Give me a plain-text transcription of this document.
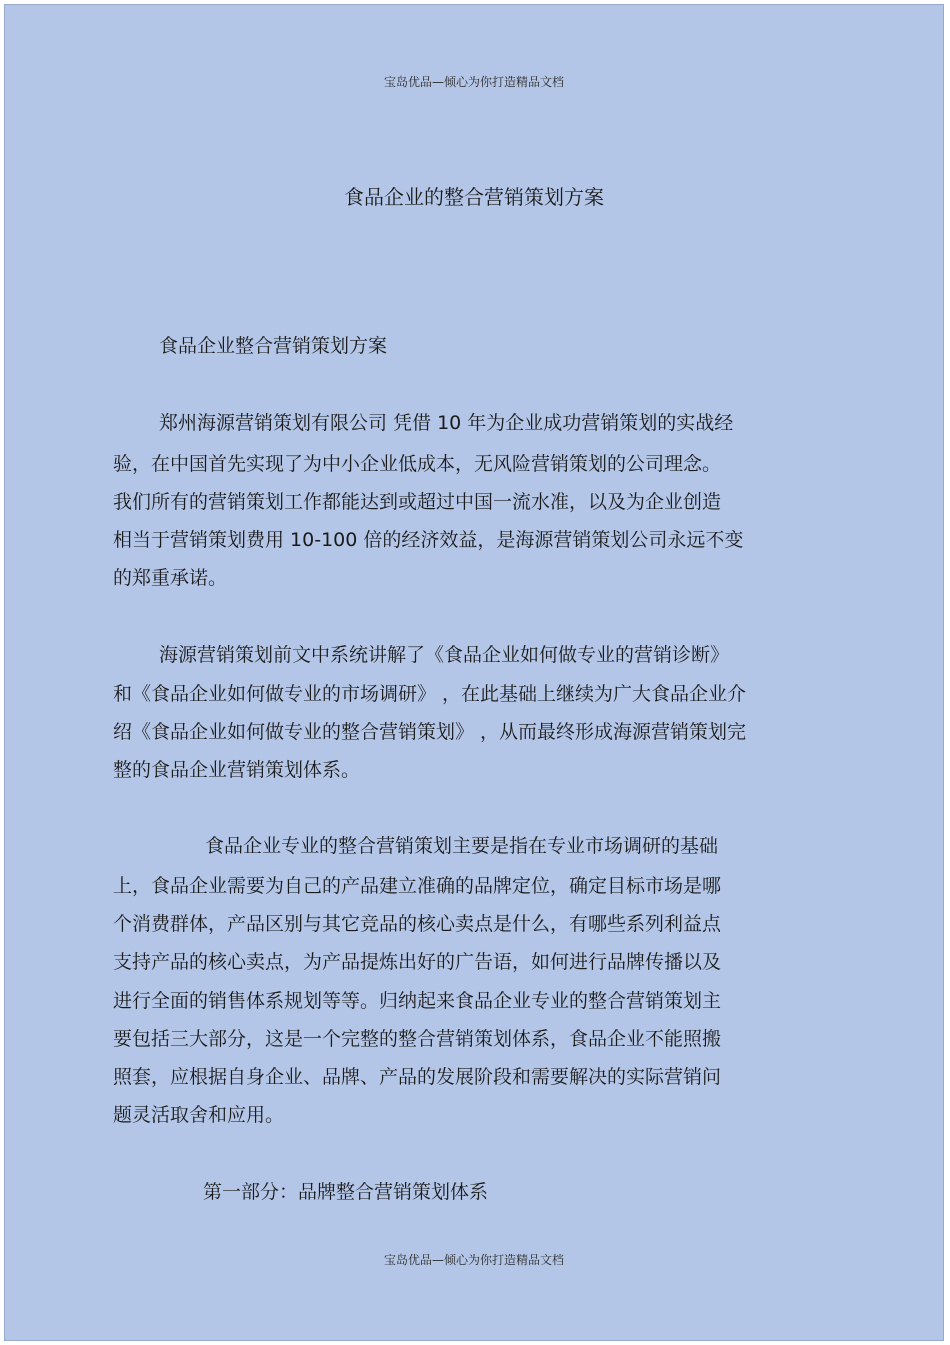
宝岛优品—倾心为你打造精品文档
食品企业的整合营销策划方案
食品企业整合营销策划方案
郑州海源营销策划有限公司 凭借 10 年为企业成功营销策划的实战经
验，在中国首先实现了为中小企业低成本，无风险营销策划的公司理念。
我们所有的营销策划工作都能达到或超过中国一流水准，以及为企业创造
相当于营销策划费用 10-100 倍的经济效益，是海源营销策划公司永远不变
的郑重承诺。
海源营销策划前文中系统讲解了《食品企业如何做专业的营销诊断》
和《食品企业如何做专业的市场调研》 ，在此基础上继续为广大食品企业介
绍《食品企业如何做专业的整合营销策划》 ，从而最终形成海源营销策划完
整的食品企业营销策划体系。
食品企业专业的整合营销策划主要是指在专业市场调研的基础
上，食品企业需要为自己的产品建立准确的品牌定位，确定目标市场是哪
个消费群体，产品区别与其它竞品的核心卖点是什么，有哪些系列利益点
支持产品的核心卖点，为产品提炼出好的广告语，如何进行品牌传播以及
进行全面的销售体系规划等等。归纳起来食品企业专业的整合营销策划主
要包括三大部分，这是一个完整的整合营销策划体系，食品企业不能照搬
照套，应根据自身企业、品牌、产品的发展阶段和需要解决的实际营销问
题灵活取舍和应用。
第一部分：品牌整合营销策划体系
宝岛优品—倾心为你打造精品文档
